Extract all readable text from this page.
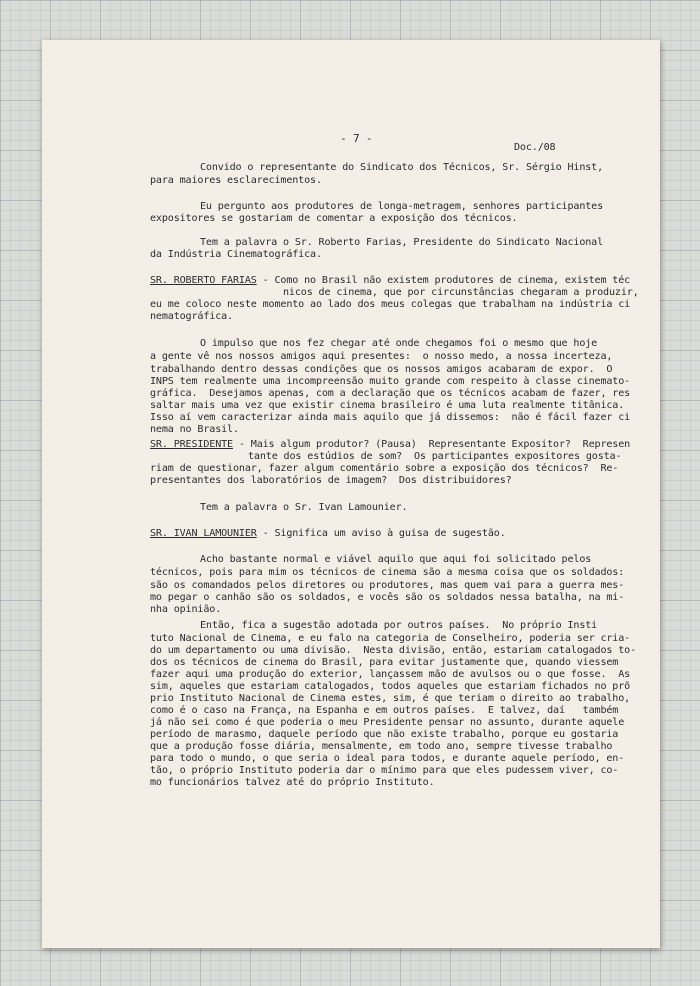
- 7 -
Doc./08
Convido o representante do Sindicato dos Técnicos, Sr. Sérgio Hinst,
para maiores esclarecimentos.
Eu pergunto aos produtores de longa-metragem, senhores participantes
expositores se gostariam de comentar a exposição dos técnicos.
Tem a palavra o Sr. Roberto Farias, Presidente do Sindicato Nacional
da Indústria Cinematográfica.
SR. ROBERTO FARIAS - Como no Brasil não existem produtores de cinema, existem téc
nicos de cinema, que por circunstâncias chegaram a produzir,
eu me coloco neste momento ao lado dos meus colegas que trabalham na indústria ci
nematográfica.
O impulso que nos fez chegar até onde chegamos foi o mesmo que hoje
a gente vê nos nossos amigos aqui presentes:  o nosso medo, a nossa incerteza,
trabalhando dentro dessas condições que os nossos amigos acabaram de expor.  O
INPS tem realmente uma incompreensão muito grande com respeito à classe cinemato-
gráfica.  Desejamos apenas, com a declaração que os técnicos acabam de fazer, res
saltar mais uma vez que existir cinema brasileiro é uma luta realmente titânica.
Isso aí vem caracterizar ainda mais aquilo que já dissemos:  não é fácil fazer ci
nema no Brasil.
SR. PRESIDENTE - Mais algum produtor? (Pausa)  Representante Expositor?  Represen
tante dos estúdios de som?  Os participantes expositores gosta-
riam de questionar, fazer algum comentário sobre a exposição dos técnicos?  Re-
presentantes dos laboratórios de imagem?  Dos distribuidores?
Tem a palavra o Sr. Ivan Lamounier.
SR. IVAN LAMOUNIER - Significa um aviso à guisa de sugestão.
Acho bastante normal e viável aquilo que aqui foi solicitado pelos
técnicos, pois para mim os técnicos de cinema são a mesma coisa que os soldados:
são os comandados pelos diretores ou produtores, mas quem vai para a guerra mes-
mo pegar o canhão são os soldados, e vocês são os soldados nessa batalha, na mi-
nha opinião.
Então, fica a sugestão adotada por outros países.  No próprio Insti
tuto Nacional de Cinema, e eu falo na categoria de Conselheiro, poderia ser cria-
do um departamento ou uma divisão.  Nesta divisão, então, estariam catalogados to-
dos os técnicos de cinema do Brasil, para evitar justamente que, quando viessem
fazer aqui uma produção do exterior, lançassem mão de avulsos ou o que fosse.  As
sim, aqueles que estariam catalogados, todos aqueles que estariam fichados no prõ
prio Instituto Nacional de Cinema estes, sim, é que teriam o direito ao trabalho,
como é o caso na França, na Espanha e em outros países.  E talvez, daí   também
já não sei como é que poderia o meu Presidente pensar no assunto, durante aquele
período de marasmo, daquele período que não existe trabalho, porque eu gostaria
que a produção fosse diária, mensalmente, em todo ano, sempre tivesse trabalho
para todo o mundo, o que seria o ideal para todos, e durante aquele período, en-
tão, o próprio Instituto poderia dar o mínimo para que eles pudessem viver, co-
mo funcionários talvez até do próprio Instituto.
